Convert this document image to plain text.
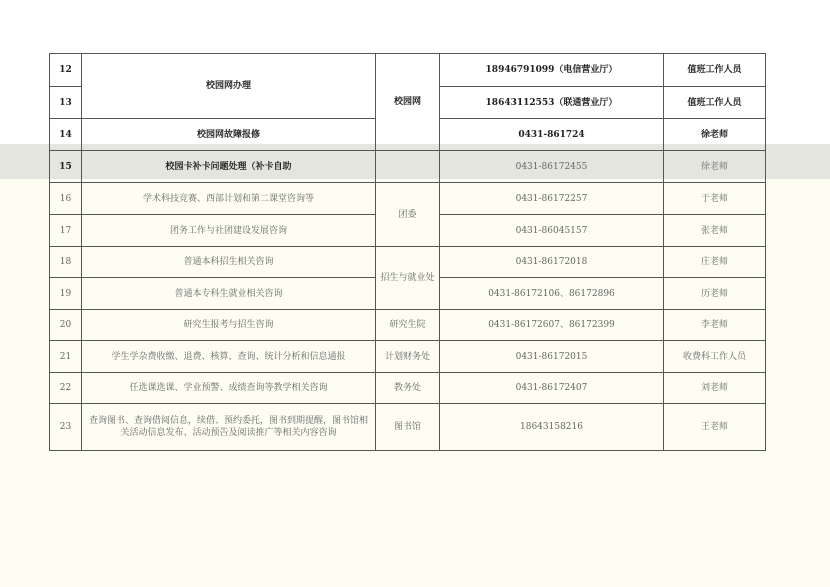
12	校园网办理	校园网	18946791099（电信营业厅）	值班工作人员
13			18643112553（联通营业厅）	值班工作人员
14	校园网故障报修		0431-861724	徐老师
15	校园卡补卡问题处理（补卡自助		0431-86172455	徐老师
16	学术科技竞赛、西部计划和第二课堂咨询等	团委	0431-86172257	于老师
17	团务工作与社团建设发展咨询		0431-86045157	张老师
18	普通本科招生相关咨询	招生与就业处	0431-86172018	庄老师
19	普通本专科生就业相关咨询		0431-86172106、86172896	历老师
20	研究生报考与招生咨询	研究生院	0431-86172607、86172399	李老师
21	学生学杂费收缴、退费、核算、查询、统计分析和信息通报	计划财务处	0431-86172015	收费科工作人员
22	任选课选课、学业预警、成绩查询等教学相关咨询	教务处	0431-86172407	刘老师
23	查询图书、查询借阅信息，续借、预约委托，图书到期提醒，图书馆相关活动信息发布、活动预告及阅读推广等相关内容咨询	图书馆	18643158216	王老师
